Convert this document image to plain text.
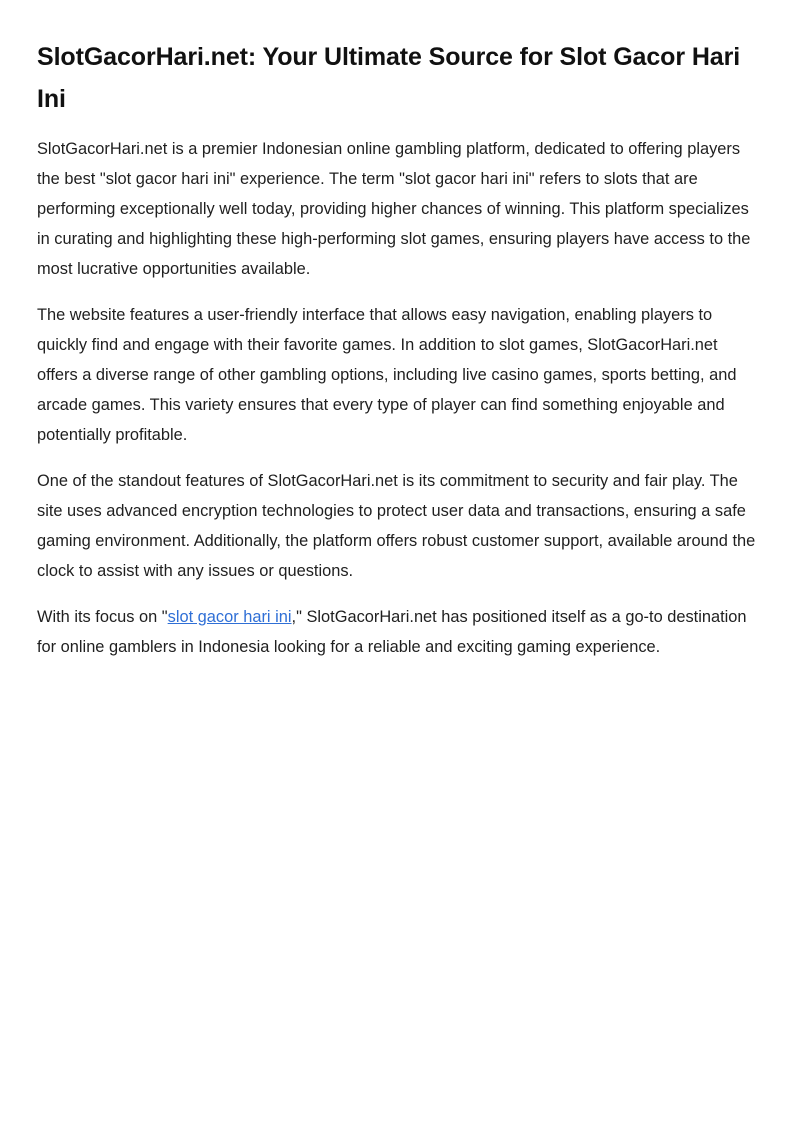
SlotGacorHari.net: Your Ultimate Source for Slot Gacor Hari Ini

SlotGacorHari.net is a premier Indonesian online gambling platform, dedicated to offering players the best "slot gacor hari ini" experience. The term "slot gacor hari ini" refers to slots that are performing exceptionally well today, providing higher chances of winning. This platform specializes in curating and highlighting these high-performing slot games, ensuring players have access to the most lucrative opportunities available.

The website features a user-friendly interface that allows easy navigation, enabling players to quickly find and engage with their favorite games. In addition to slot games, SlotGacorHari.net offers a diverse range of other gambling options, including live casino games, sports betting, and arcade games. This variety ensures that every type of player can find something enjoyable and potentially profitable.

One of the standout features of SlotGacorHari.net is its commitment to security and fair play. The site uses advanced encryption technologies to protect user data and transactions, ensuring a safe gaming environment. Additionally, the platform offers robust customer support, available around the clock to assist with any issues or questions.

With its focus on "slot gacor hari ini," SlotGacorHari.net has positioned itself as a go-to destination for online gamblers in Indonesia looking for a reliable and exciting gaming experience.
